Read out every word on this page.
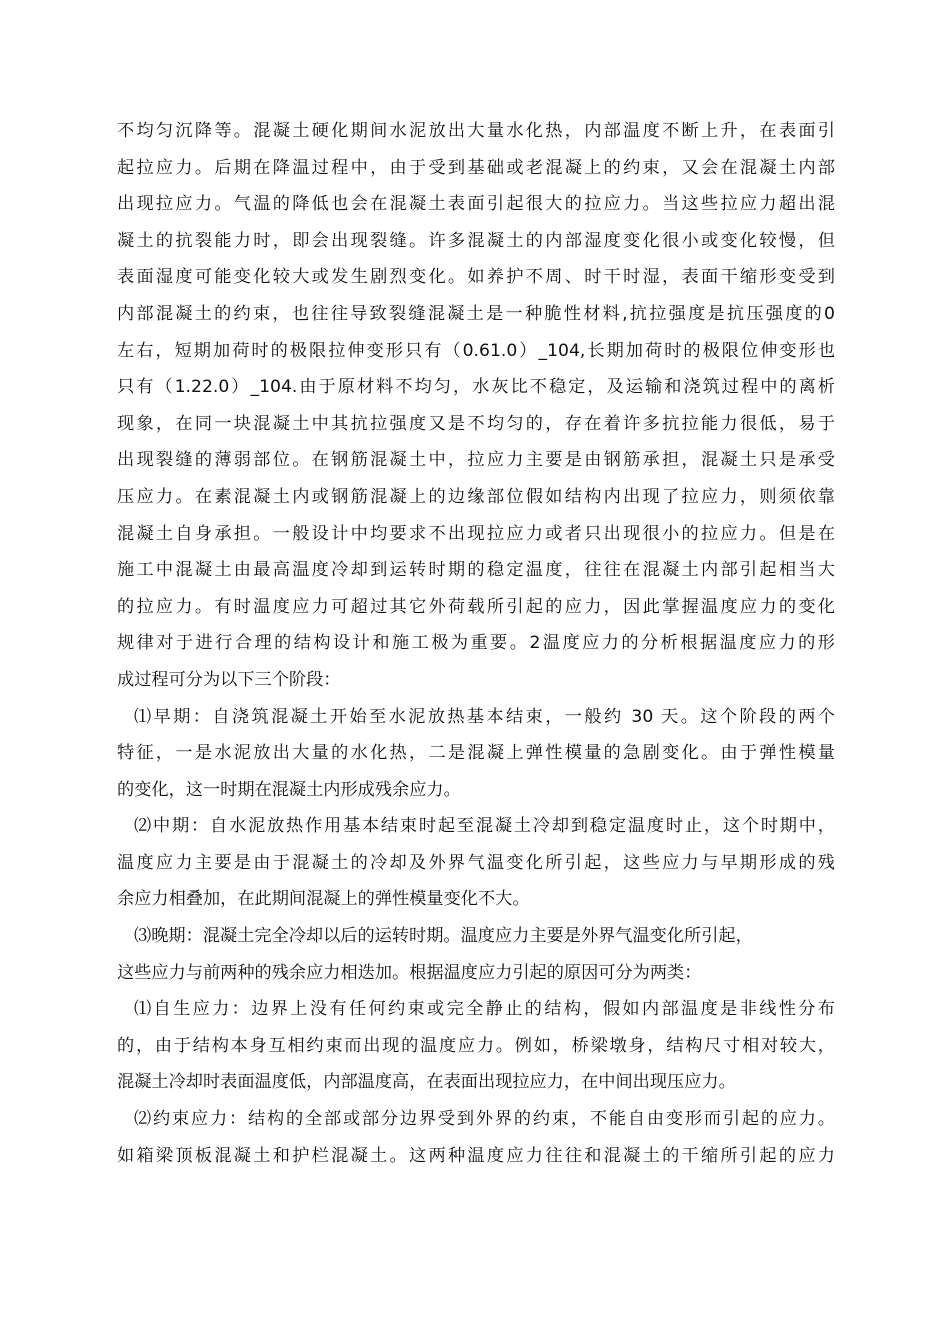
不均匀沉降等。混凝土硬化期间水泥放出大量水化热，内部温度不断上升，在表面引
起拉应力。后期在降温过程中，由于受到基础或老混凝上的约束，又会在混凝土内部
出现拉应力。气温的降低也会在混凝土表面引起很大的拉应力。当这些拉应力超出混
凝土的抗裂能力时，即会出现裂缝。许多混凝土的内部湿度变化很小或变化较慢，但
表面湿度可能变化较大或发生剧烈变化。如养护不周、时干时湿，表面干缩形变受到
内部混凝土的约束，也往往导致裂缝混凝土是一种脆性材料,抗拉强度是抗压强度的0
左右，短期加荷时的极限拉伸变形只有（0.61.0）_104,长期加荷时的极限位伸变形也
只有（1.22.0）_104.由于原材料不均匀，水灰比不稳定，及运输和浇筑过程中的离析
现象，在同一块混凝土中其抗拉强度又是不均匀的，存在着许多抗拉能力很低，易于
出现裂缝的薄弱部位。在钢筋混凝土中，拉应力主要是由钢筋承担，混凝土只是承受
压应力。在素混凝土内或钢筋混凝上的边缘部位假如结构内出现了拉应力，则须依靠
混凝土自身承担。一般设计中均要求不出现拉应力或者只出现很小的拉应力。但是在
施工中混凝土由最高温度冷却到运转时期的稳定温度，往往在混凝土内部引起相当大
的拉应力。有时温度应力可超过其它外荷载所引起的应力，因此掌握温度应力的变化
规律对于进行合理的结构设计和施工极为重要。2温度应力的分析根据温度应力的形
成过程可分为以下三个阶段：
⑴早期：自浇筑混凝土开始至水泥放热基本结束，一般约 30 天。这个阶段的两个
特征，一是水泥放出大量的水化热，二是混凝上弹性模量的急剧变化。由于弹性模量
的变化，这一时期在混凝土内形成残余应力。
⑵中期：自水泥放热作用基本结束时起至混凝土冷却到稳定温度时止，这个时期中，
温度应力主要是由于混凝土的冷却及外界气温变化所引起，这些应力与早期形成的残
余应力相叠加，在此期间混凝上的弹性模量变化不大。
⑶晚期：混凝土完全冷却以后的运转时期。温度应力主要是外界气温变化所引起，
这些应力与前两种的残余应力相迭加。根据温度应力引起的原因可分为两类：
⑴自生应力：边界上没有任何约束或完全静止的结构，假如内部温度是非线性分布
的，由于结构本身互相约束而出现的温度应力。例如，桥梁墩身，结构尺寸相对较大，
混凝土冷却时表面温度低，内部温度高，在表面出现拉应力，在中间出现压应力。
⑵约束应力：结构的全部或部分边界受到外界的约束，不能自由变形而引起的应力。
如箱梁顶板混凝土和护栏混凝土。这两种温度应力往往和混凝土的干缩所引起的应力
